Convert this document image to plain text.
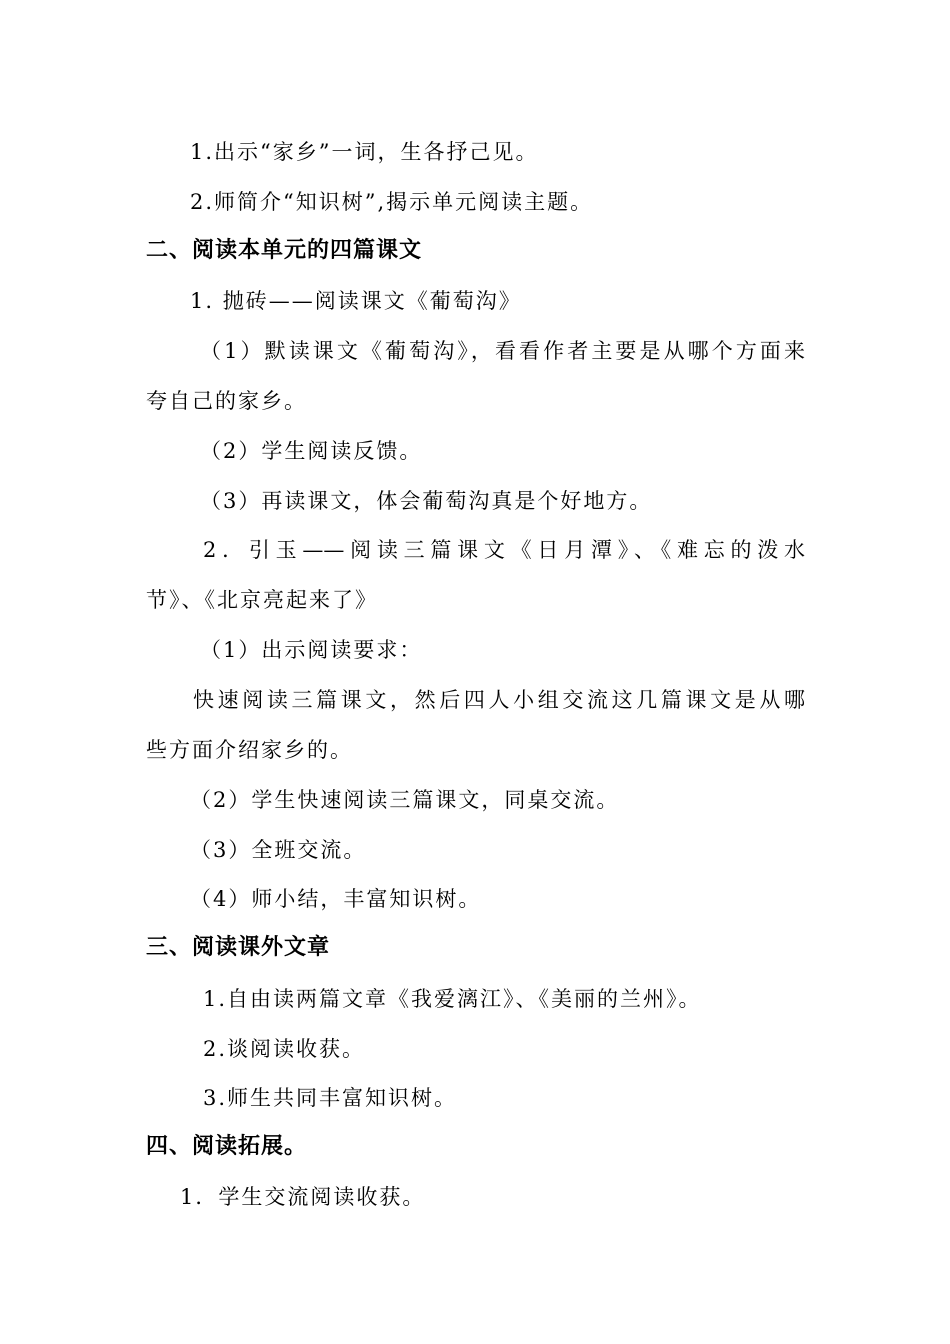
1.出示“家乡”一词，生各抒己见。
2.师简介“知识树”,揭示单元阅读主题。
二、阅读本单元的四篇课文
1. 抛砖——阅读课文《葡萄沟》
（1）默读课文《葡萄沟》，看看作者主要是从哪个方面来
夸自己的家乡。
（2）学生阅读反馈。
（3）再读课文，体会葡萄沟真是个好地方。
2．引玉——阅读三篇课文《日月潭》、《难忘的泼水
节》、《北京亮起来了》
（1）出示阅读要求：
快速阅读三篇课文，然后四人小组交流这几篇课文是从哪
些方面介绍家乡的。
（2）学生快速阅读三篇课文，同桌交流。
（3）全班交流。
（4）师小结，丰富知识树。
三、阅读课外文章
1.自由读两篇文章《我爱漓江》、《美丽的兰州》。
2.谈阅读收获。
3.师生共同丰富知识树。
四、阅读拓展。
1．学生交流阅读收获。
